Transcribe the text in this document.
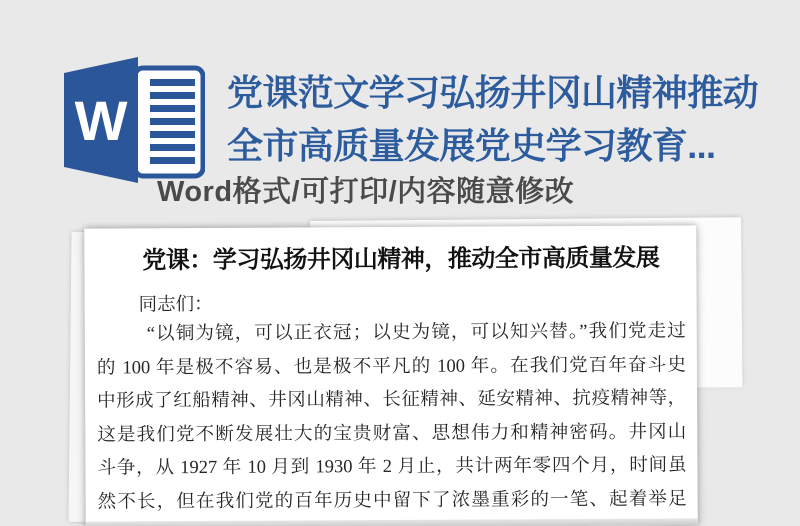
W	党课范文学习弘扬井冈山精神推动
全市高质量发展党史学习教育...
Word格式/可打印/内容随意修改
党课：学习弘扬井冈山精神，推动全市高质量发展
同志们：
“以铜为镜，可以正衣冠；以史为镜，可以知兴替。”我们党走过
的 100 年是极不容易、也是极不平凡的 100 年。在我们党百年奋斗史
中形成了红船精神、井冈山精神、长征精神、延安精神、抗疫精神等，
这是我们党不断发展壮大的宝贵财富、思想伟力和精神密码。井冈山
斗争，从 1927 年 10 月到 1930 年 2 月止，共计两年零四个月，时间虽
然不长，但在我们党的百年历史中留下了浓墨重彩的一笔、起着举足
